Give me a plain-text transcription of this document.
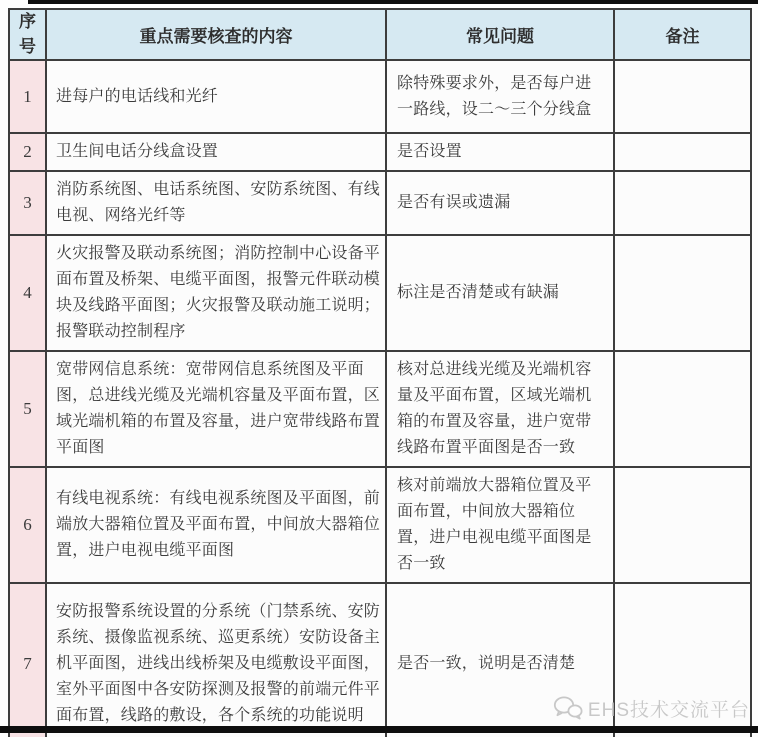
序号	重点需要核查的内容	常见问题	备注
1	进每户的电话线和光纤	除特殊要求外，是否每户进一路线，设二～三个分线盒	
2	卫生间电话分线盒设置	是否设置	
3	消防系统图、电话系统图、安防系统图、有线电视、网络光纤等	是否有误或遗漏	
4	火灾报警及联动系统图；消防控制中心设备平面布置及桥架、电缆平面图，报警元件联动模块及线路平面图；火灾报警及联动施工说明；报警联动控制程序	标注是否清楚或有缺漏	
5	宽带网信息系统：宽带网信息系统图及平面图，总进线光缆及光端机容量及平面布置，区域光端机箱的布置及容量，进户宽带线路布置平面图	核对总进线光缆及光端机容量及平面布置，区域光端机箱的布置及容量，进户宽带线路布置平面图是否一致	
6	有线电视系统：有线电视系统图及平面图，前端放大器箱位置及平面布置，中间放大器箱位置，进户电视电缆平面图	核对前端放大器箱位置及平面布置，中间放大器箱位置，进户电视电缆平面图是否一致	
7	安防报警系统设置的分系统（门禁系统、安防系统、摄像监视系统、巡更系统）安防设备主机平面图，进线出线桥架及电缆敷设平面图，室外平面图中各安防探测及报警的前端元件平面布置，线路的敷设，各个系统的功能说明	是否一致，说明是否清楚	
EHS技术交流平台
